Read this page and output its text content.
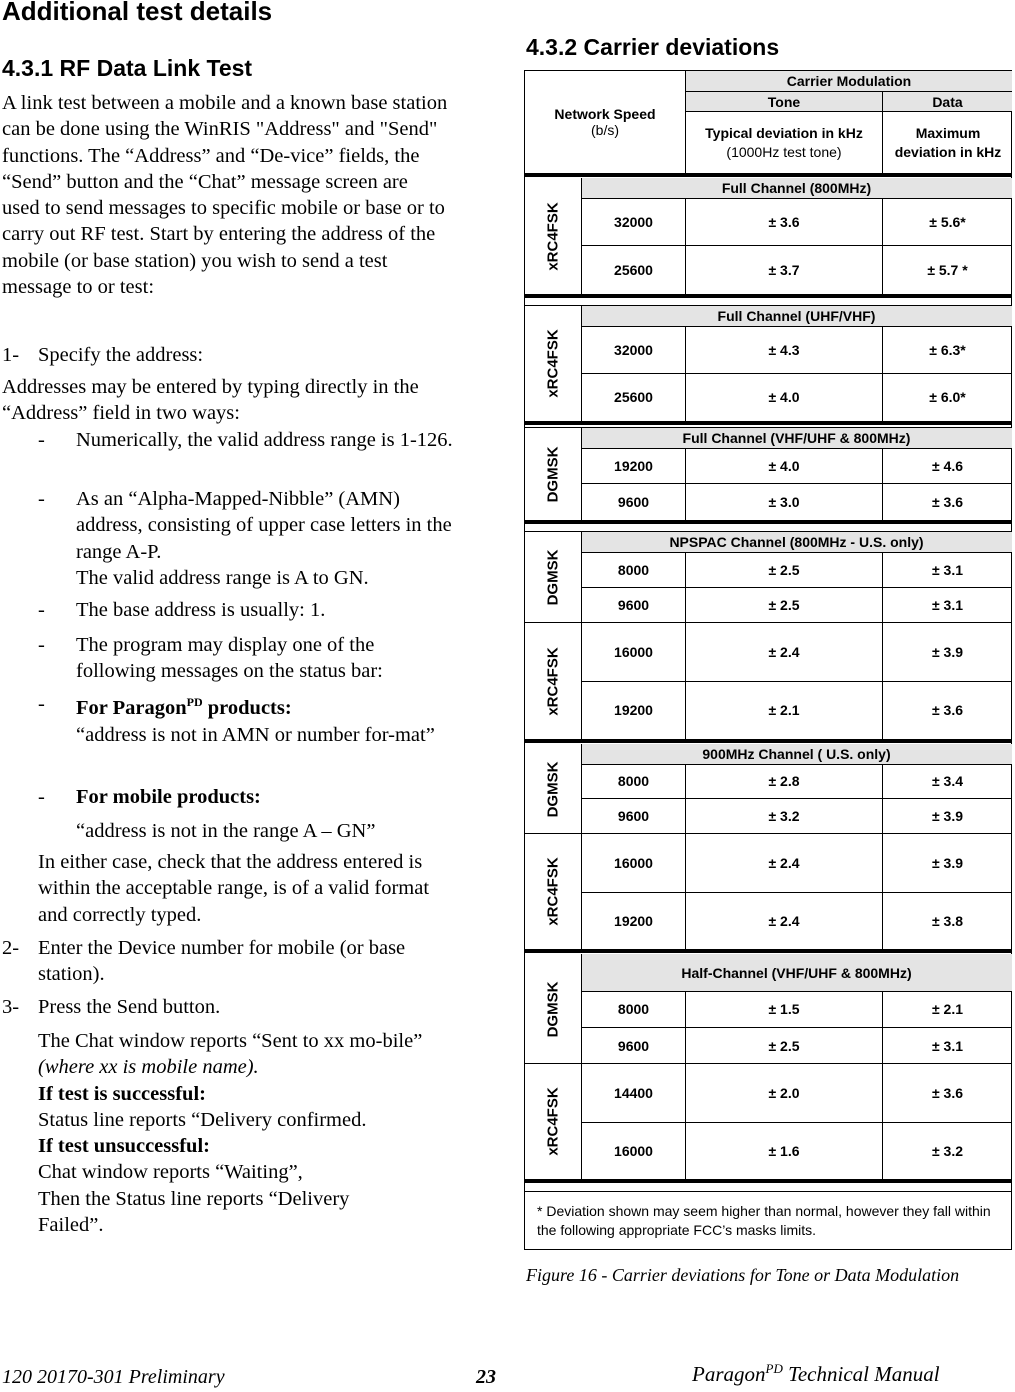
Additional test details
4.3.1 RF Data Link Test
A link test between a mobile and a known base station can be done using the WinRIS "Address" and "Send" functions. The “Address” and “De-vice” fields, the “Send” button and the “Chat” message screen are used to send messages to specific mobile or base or to carry out RF test. Start by entering the address of the mobile (or base station) you wish to send a test message to or test:
1- Specify the address:
Addresses may be entered by typing directly in the “Address” field in two ways:
- Numerically, the valid address range is 1-126.
- As an “Alpha-Mapped-Nibble” (AMN) address, consisting of upper case letters in the range A-P.
The valid address range is A to GN.
- The base address is usually: 1.
- The program may display one of the following messages on the status bar:
- For Paragon$^{PD}$ products:
“address is not in AMN or number for-mat”
- For mobile products:
“address is not in the range A – GN”
In either case, check that the address entered is within the acceptable range, is of a valid format and correctly typed.
2- Enter the Device number for mobile (or base station).
3- Press the Send button.
The Chat window reports “Sent to xx mo-bile” (where xx is mobile name).
If test is successful:
Status line reports “Delivery confirmed.
If test unsuccessful:
Chat window reports “Waiting”,
Then the Status line reports “Delivery Failed”.
4.3.2 Carrier deviations
Network Speed
(b/s)
Carrier Modulation
Tone	Data
Typical deviation in kHz
(1000Hz test tone)
Maximum deviation in kHz
Full Channel (800MHz)
xRC4FSK	32000	± 3.6	± 5.6*
25600	± 3.7	± 5.7 *
Full Channel (UHF/VHF)
xRC4FSK	32000	± 4.3	± 6.3*
25600	± 4.0	± 6.0*
Full Channel (VHF/UHF & 800MHz)
DGMSK	19200	± 4.0	± 4.6
9600	± 3.0	± 3.6
NPSPAC Channel (800MHz - U.S. only)
DGMSK	8000	± 2.5	± 3.1
9600	± 2.5	± 3.1
xRC4FSK	16000	± 2.4	± 3.9
19200	± 2.1	± 3.6
900MHz Channel ( U.S. only)
DGMSK	8000	± 2.8	± 3.4
9600	± 3.2	± 3.9
xRC4FSK	16000	± 2.4	± 3.9
19200	± 2.4	± 3.8
Half-Channel (VHF/UHF & 800MHz)
DGMSK	8000	± 1.5	± 2.1
9600	± 2.5	± 3.1
xRC4FSK	14400	± 2.0	± 3.6
16000	± 1.6	± 3.2
* Deviation shown may seem higher than normal, however they fall within the following appropriate FCC’s masks limits.
Figure 16 - Carrier deviations for Tone or Data Modulation
120 20170-301 Preliminary	23	Paragon$^{PD}$ Technical Manual
